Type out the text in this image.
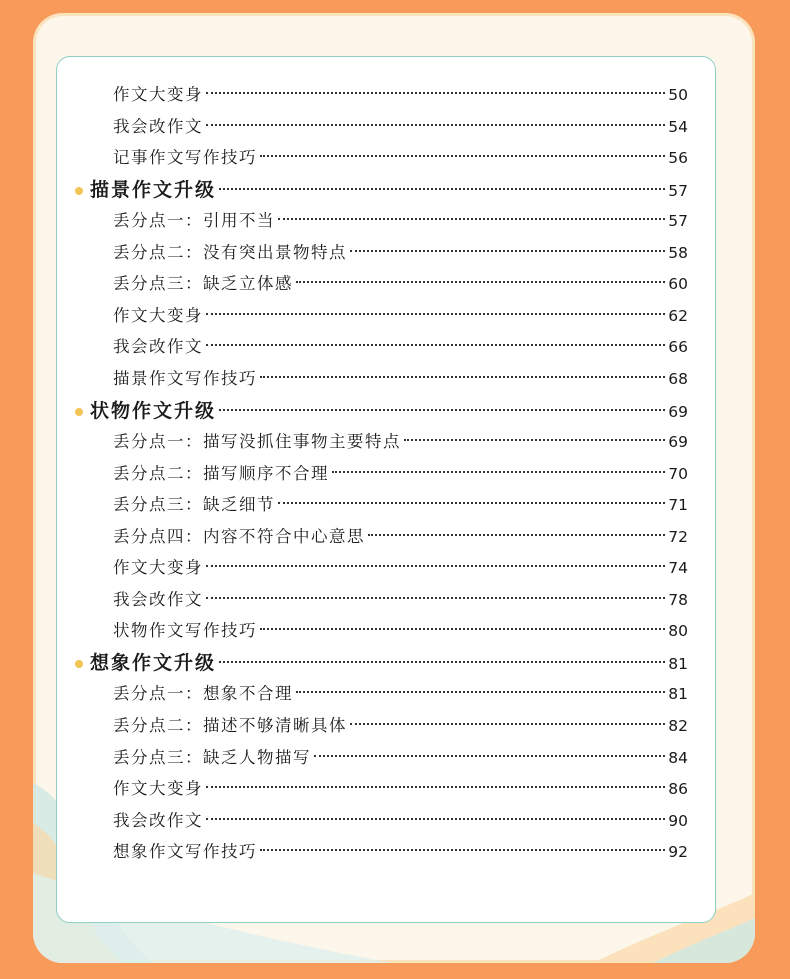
作文大变身	50
我会改作文	54
记事作文写作技巧	56
描景作文升级	57
丢分点一：引用不当	57
丢分点二：没有突出景物特点	58
丢分点三：缺乏立体感	60
作文大变身	62
我会改作文	66
描景作文写作技巧	68
状物作文升级	69
丢分点一：描写没抓住事物主要特点	69
丢分点二：描写顺序不合理	70
丢分点三：缺乏细节	71
丢分点四：内容不符合中心意思	72
作文大变身	74
我会改作文	78
状物作文写作技巧	80
想象作文升级	81
丢分点一：想象不合理	81
丢分点二：描述不够清晰具体	82
丢分点三：缺乏人物描写	84
作文大变身	86
我会改作文	90
想象作文写作技巧	92
